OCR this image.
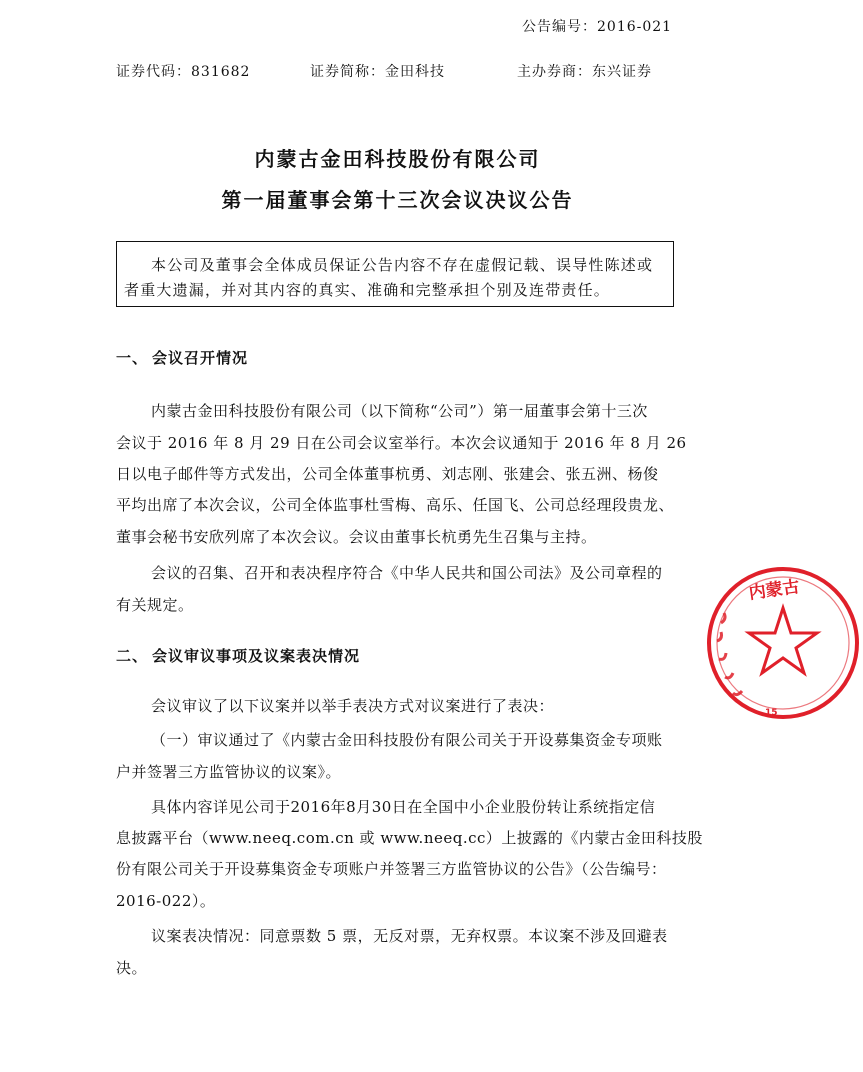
公告编号：2016-021
证券代码：831682	证券简称：金田科技	主办券商：东兴证券
内蒙古金田科技股份有限公司
第一届董事会第十三次会议决议公告
本公司及董事会全体成员保证公告内容不存在虚假记载、误导性陈述或
者重大遗漏，并对其内容的真实、准确和完整承担个别及连带责任。
一、 会议召开情况
内蒙古金田科技股份有限公司（以下简称“公司”）第一届董事会第十三次
会议于 2016 年 8 月 29 日在公司会议室举行。本次会议通知于 2016 年 8 月 26
日以电子邮件等方式发出，公司全体董事杭勇、刘志刚、张建会、张五洲、杨俊
平均出席了本次会议，公司全体监事杜雪梅、高乐、任国飞、公司总经理段贵龙、
董事会秘书安欣列席了本次会议。会议由董事长杭勇先生召集与主持。
会议的召集、召开和表决程序符合《中华人民共和国公司法》及公司章程的
有关规定。
二、 会议审议事项及议案表决情况
会议审议了以下议案并以举手表决方式对议案进行了表决：
（一）审议通过了《内蒙古金田科技股份有限公司关于开设募集资金专项账
户并签署三方监管协议的议案》。
具体内容详见公司于2016年8月30日在全国中小企业股份转让系统指定信
息披露平台（www.neeq.com.cn 或 www.neeq.cc）上披露的《内蒙古金田科技股
份有限公司关于开设募集资金专项账户并签署三方监管协议的公告》（公告编号：
2016-022）。
议案表决情况：同意票数 5 票，无反对票，无弃权票。本议案不涉及回避表
决。
内蒙古
15
